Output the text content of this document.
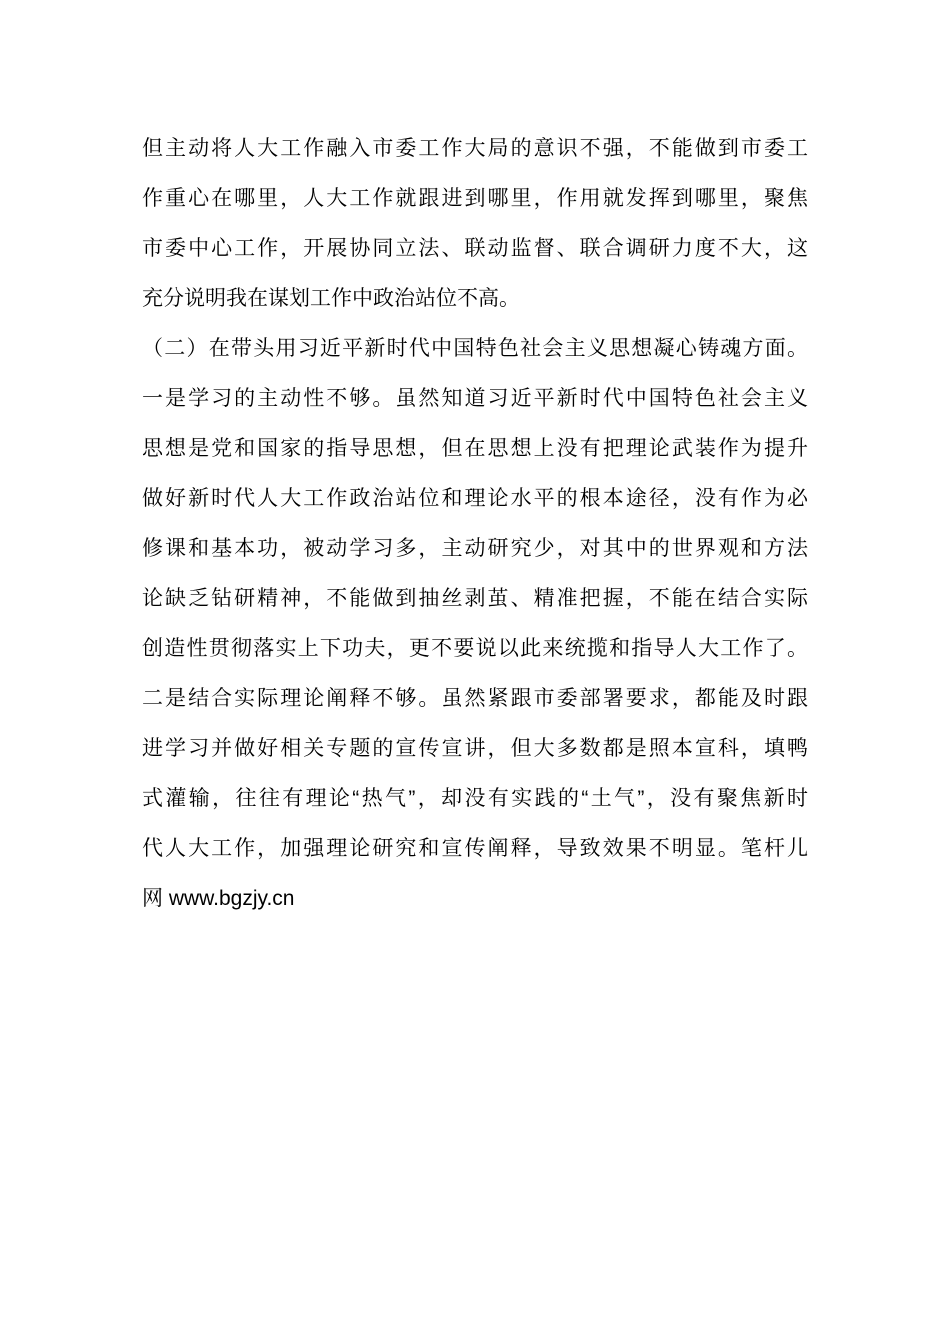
但主动将人大工作融入市委工作大局的意识不强，不能做到市委工
作重心在哪里，人大工作就跟进到哪里，作用就发挥到哪里，聚焦
市委中心工作，开展协同立法、联动监督、联合调研力度不大，这
充分说明我在谋划工作中政治站位不高。
（二）在带头用习近平新时代中国特色社会主义思想凝心铸魂方面。
一是学习的主动性不够。虽然知道习近平新时代中国特色社会主义
思想是党和国家的指导思想，但在思想上没有把理论武装作为提升
做好新时代人大工作政治站位和理论水平的根本途径，没有作为必
修课和基本功，被动学习多，主动研究少，对其中的世界观和方法
论缺乏钻研精神，不能做到抽丝剥茧、精准把握，不能在结合实际
创造性贯彻落实上下功夫，更不要说以此来统揽和指导人大工作了。
二是结合实际理论阐释不够。虽然紧跟市委部署要求，都能及时跟
进学习并做好相关专题的宣传宣讲，但大多数都是照本宣科，填鸭
式灌输，往往有理论“热气”，却没有实践的“土气”，没有聚焦新时
代人大工作，加强理论研究和宣传阐释，导致效果不明显。笔杆儿
网 www.bgzjy.cn
